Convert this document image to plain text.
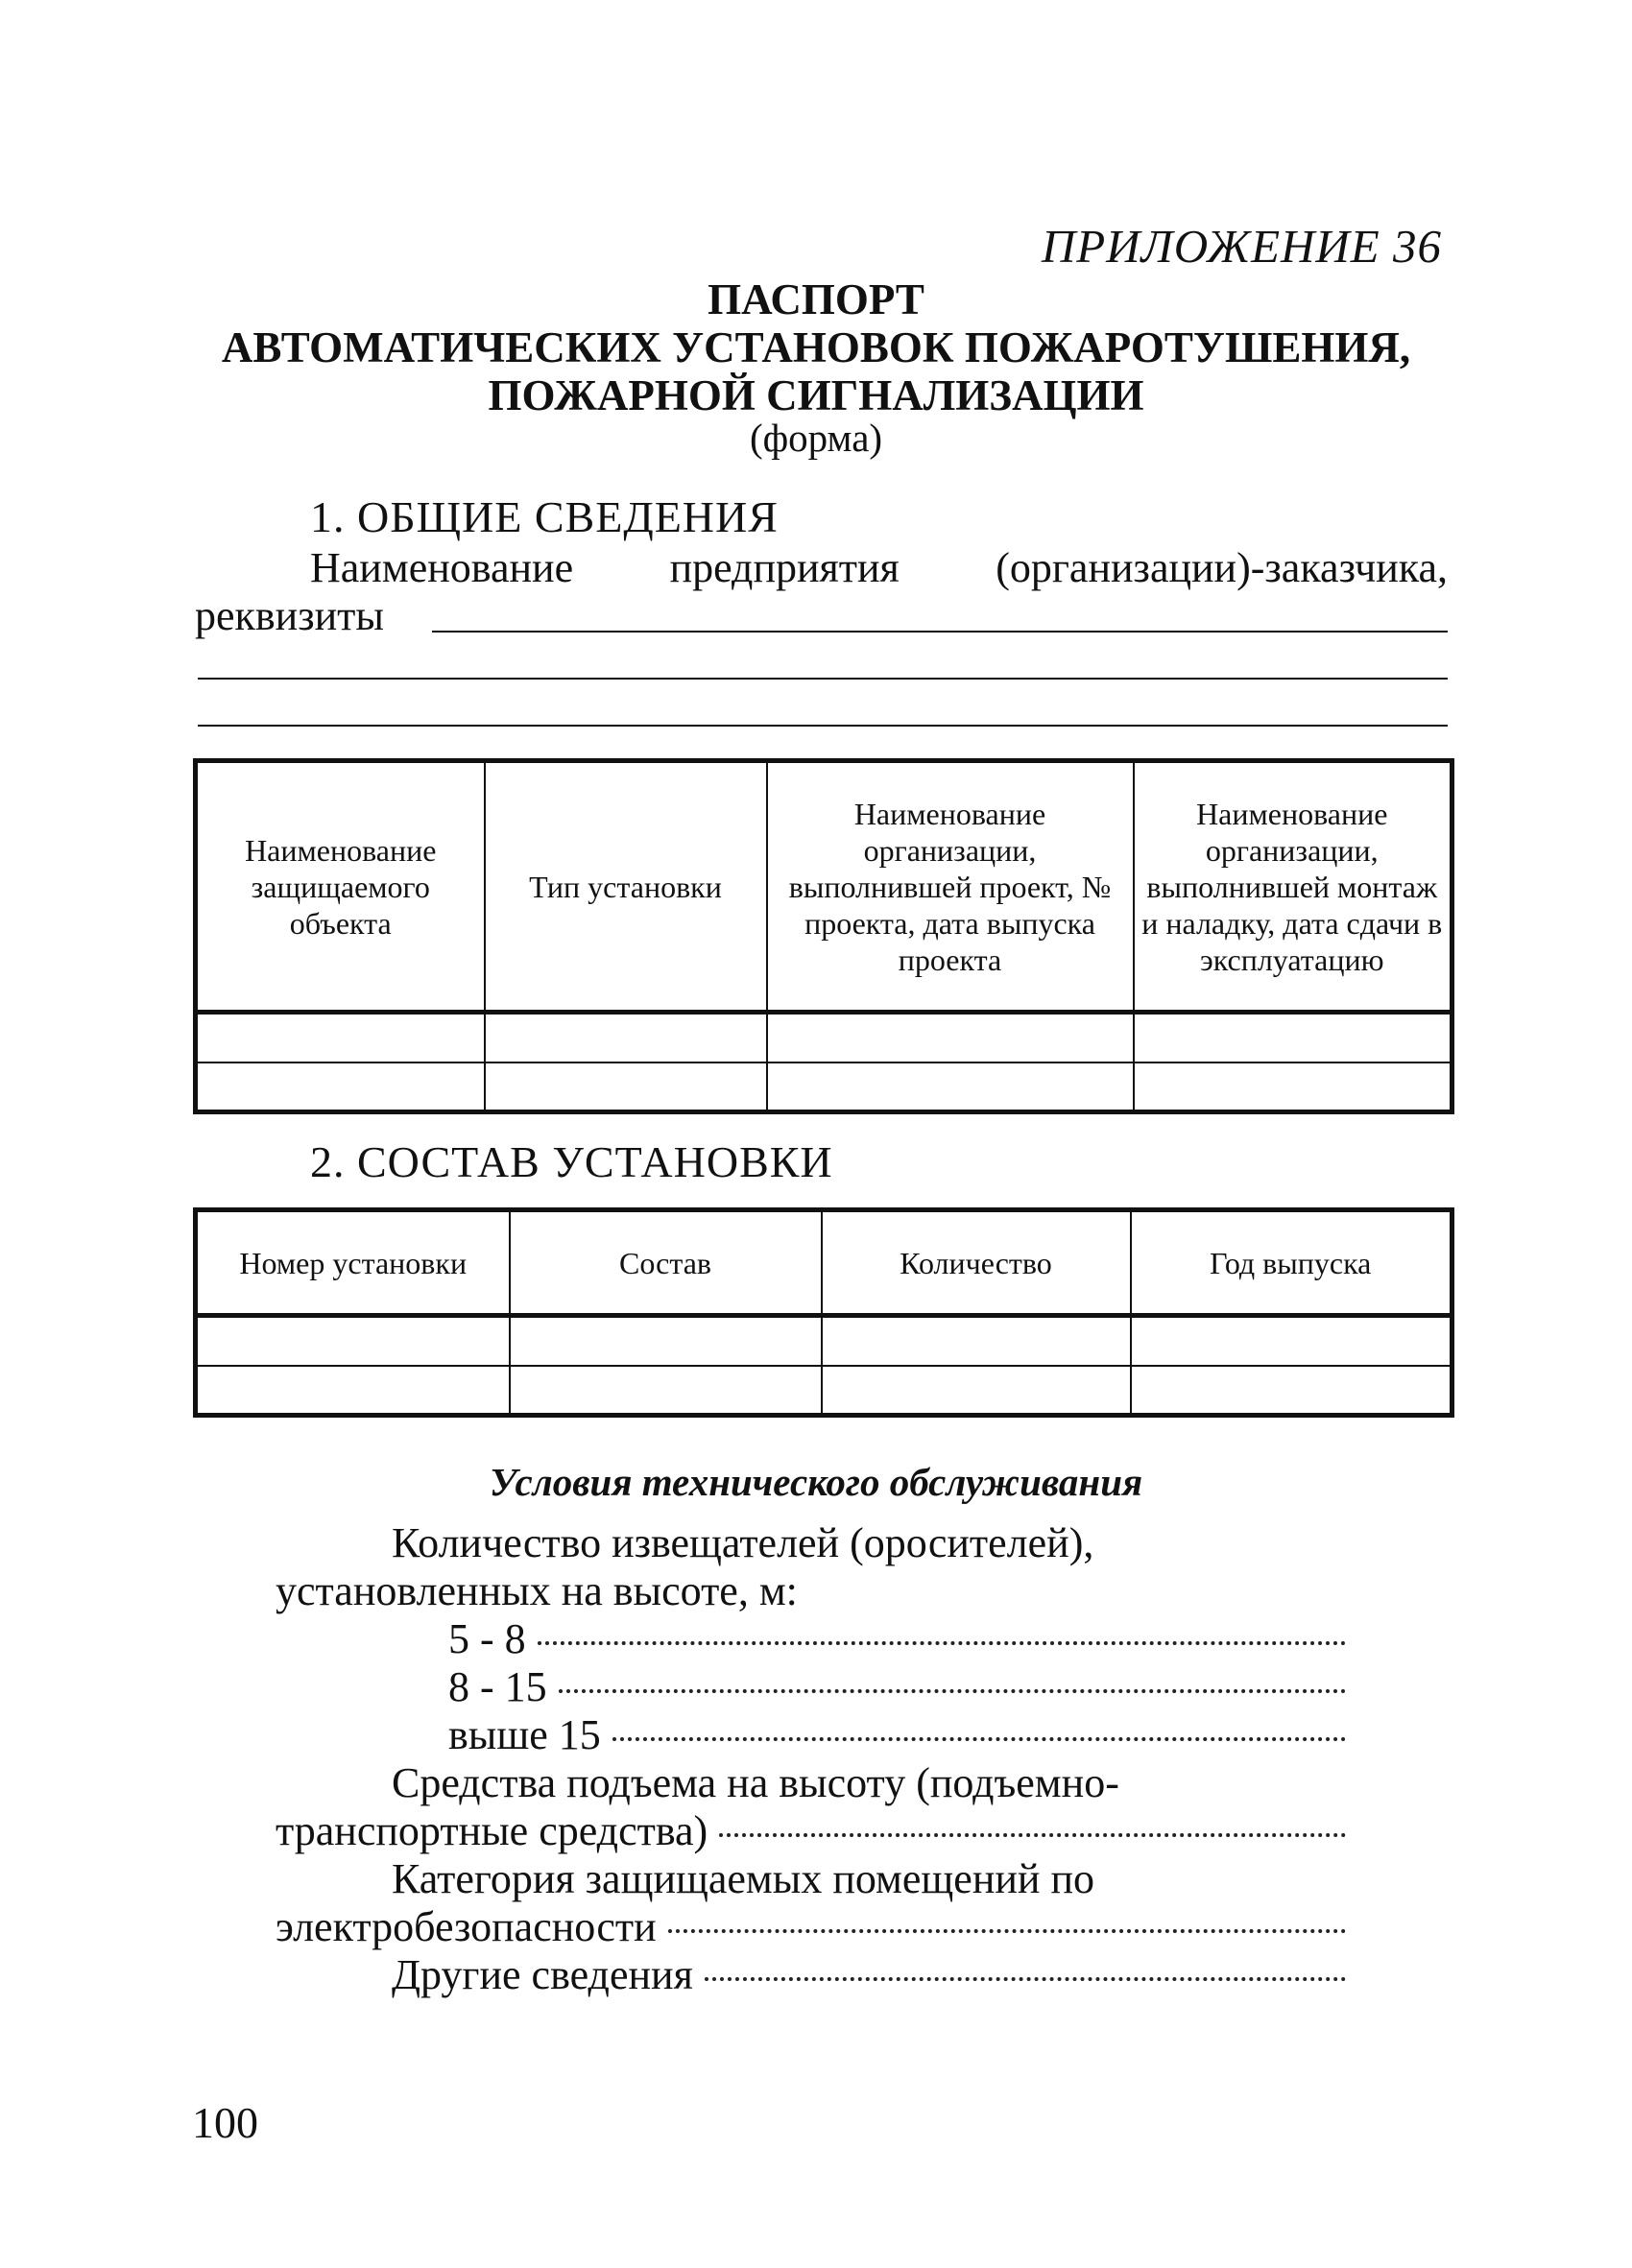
ПРИЛОЖЕНИЕ 36
ПАСПОРТ
АВТОМАТИЧЕСКИХ УСТАНОВОК ПОЖАРОТУШЕНИЯ,
ПОЖАРНОЙ СИГНАЛИЗАЦИИ
(форма)
1. ОБЩИЕ СВЕДЕНИЯ
Наименование предприятия (организации)-заказчика,
реквизиты
Наименование защищаемого объекта	Тип установки	Наименование организации, выполнившей проект, № проекта, дата выпуска проекта	Наименование организации, выполнившей монтаж и наладку, дата сдачи в эксплуатацию

2. СОСТАВ УСТАНОВКИ
Номер установки	Состав	Количество	Год выпуска

Условия технического обслуживания
Количество извещателей (оросителей),
установленных на высоте, м:
5 - 8
8 - 15
выше 15
Средства подъема на высоту (подъемно-
транспортные средства)
Категория защищаемых помещений по
электробезопасности
Другие сведения
100
